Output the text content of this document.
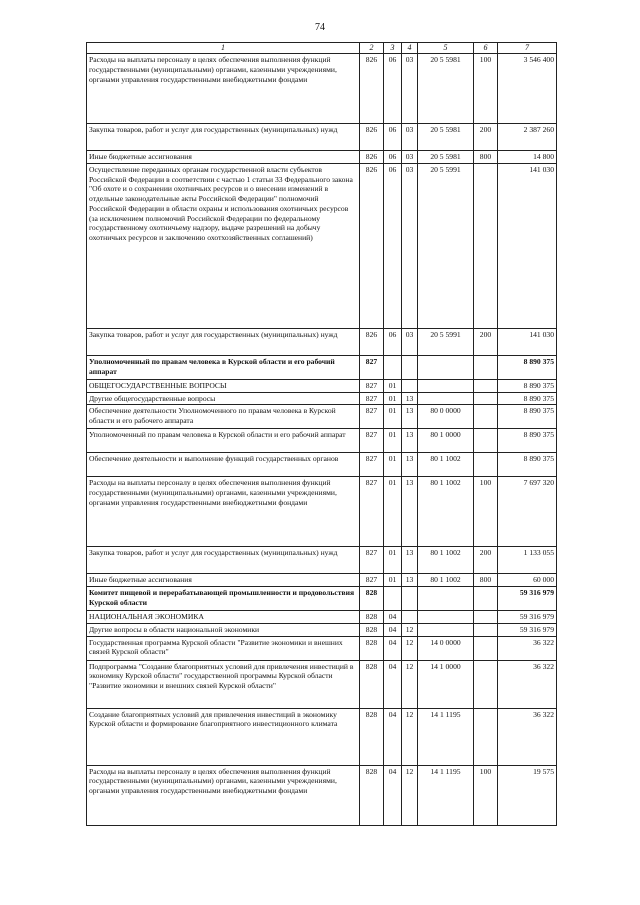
74
1	2	3	4	5	6	7
Расходы на выплаты персоналу в целях обеспечения выполнения функций государственными (муниципальными) органами, казенными учреждениями, органами управления государственными внебюджетными фондами	826	06	03	20 5 5981	100	3 546 400
Закупка товаров, работ и услуг для государственных (муниципальных) нужд	826	06	03	20 5 5981	200	2 387 260
Иные бюджетные ассигнования	826	06	03	20 5 5981	800	14 800
Осуществление переданных органам государственной власти субъектов Российской Федерации в соответствии с частью 1 статьи 33 Федерального закона "Об охоте и о сохранении охотничьих ресурсов и о внесении изменений в отдельные законодательные акты Российской Федерации" полномочий Российской Федерации в области охраны и использования охотничьих ресурсов (за исключением полномочий Российской Федерации по федеральному государственному охотничьему надзору, выдаче разрешений на добычу охотничьих ресурсов и заключению охотхозяйственных соглашений)	826	06	03	20 5 5991		141 030
Закупка товаров, работ и услуг для государственных (муниципальных) нужд	826	06	03	20 5 5991	200	141 030
Уполномоченный по правам человека в Курской области и его рабочий аппарат	827					8 890 375
ОБЩЕГОСУДАРСТВЕННЫЕ ВОПРОСЫ	827	01				8 890 375
Другие общегосударственные вопросы	827	01	13			8 890 375
Обеспечение деятельности Уполномоченного по правам человека в Курской области и его рабочего аппарата	827	01	13	80 0 0000		8 890 375
Уполномоченный по правам человека в Курской области и его рабочий аппарат	827	01	13	80 1 0000		8 890 375
Обеспечение деятельности и выполнение функций государственных органов	827	01	13	80 1 1002		8 890 375
Расходы на выплаты персоналу в целях обеспечения выполнения функций государственными (муниципальными) органами, казенными учреждениями, органами управления государственными внебюджетными фондами	827	01	13	80 1 1002	100	7 697 320
Закупка товаров, работ и услуг для государственных (муниципальных) нужд	827	01	13	80 1 1002	200	1 133 055
Иные бюджетные ассигнования	827	01	13	80 1 1002	800	60 000
Комитет пищевой и перерабатывающей промышленности и продовольствия Курской области	828					59 316 979
НАЦИОНАЛЬНАЯ ЭКОНОМИКА	828	04				59 316 979
Другие вопросы в области национальной экономики	828	04	12			59 316 979
Государственная программа Курской области "Развитие экономики и внешних связей Курской области"	828	04	12	14 0 0000		36 322
Подпрограмма "Создание благоприятных условий для привлечения инвестиций в экономику Курской области" государственной программы Курской области "Развитие экономики и внешних связей Курской области"	828	04	12	14 1 0000		36 322
Создание благоприятных условий для привлечения инвестиций в экономику Курской области и формирование благоприятного инвестиционного климата	828	04	12	14 1 1195		36 322
Расходы на выплаты персоналу в целях обеспечения выполнения функций государственными (муниципальными) органами, казенными учреждениями, органами управления государственными внебюджетными фондами	828	04	12	14 1 1195	100	19 575
